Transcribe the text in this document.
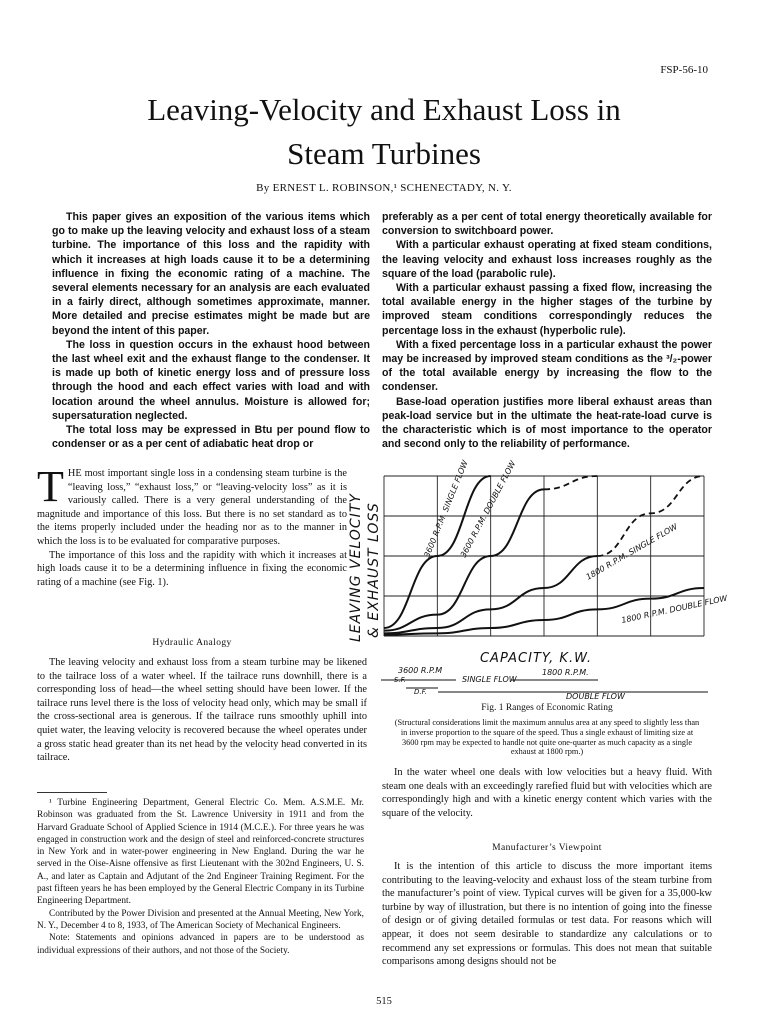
FSP-56-10
Leaving-Velocity and Exhaust Loss in
Steam Turbines
By ERNEST L. ROBINSON,¹ SCHENECTADY, N. Y.

This paper gives an exposition of the various items which go to make up the leaving velocity and exhaust loss of a steam turbine. The importance of this loss and the rapidity with which it increases at high loads cause it to be a determining influence in fixing the economic rating of a machine. The several elements necessary for an analysis are each evaluated in a fairly direct, although sometimes approximate, manner. More detailed and precise estimates might be made but are beyond the intent of this paper.

The loss in question occurs in the exhaust hood between the last wheel exit and the exhaust flange to the condenser. It is made up both of kinetic energy loss and of pressure loss through the hood and each effect varies with load and with location around the wheel annulus. Moisture is allowed for; supersaturation neglected.

The total loss may be expressed in Btu per pound flow to condenser or as a per cent of adiabatic heat drop or

preferably as a per cent of total energy theoretically available for conversion to switchboard power.

With a particular exhaust operating at fixed steam conditions, the leaving velocity and exhaust loss increases roughly as the square of the load (parabolic rule).

With a particular exhaust passing a fixed flow, increasing the total available energy in the higher stages of the turbine by improved steam conditions correspondingly reduces the percentage loss in the exhaust (hyperbolic rule).

With a fixed percentage loss in a particular exhaust the power may be increased by improved steam conditions as the ³/₂-power of the total available energy by increasing the flow to the condenser.

Base-load operation justifies more liberal exhaust areas than peak-load service but in the ultimate the heat-rate-load curve is the characteristic which is of most importance to the operator and second only to the reliability of performance.

THE most important single loss in a condensing steam turbine is the “leaving loss,” “exhaust loss,” or “leaving-velocity loss” as it is variously called. There is a very general understanding of the magnitude and importance of this loss. But there is no set standard as to the items properly included under the heading nor as to the manner in which the loss is to be evaluated for comparative purposes.

The importance of this loss and the rapidity with which it increases at high loads cause it to be a determining influence in fixing the economic rating of a machine (see Fig. 1).

Hydraulic Analogy

The leaving velocity and exhaust loss from a steam turbine may be likened to the tailrace loss of a water wheel. If the tailrace runs downhill, there is a corresponding loss of head—the wheel setting should have been lower. If the tailrace runs level there is the loss of velocity head only, which may be small if the cross-sectional area is generous. If the tailrace runs smoothly uphill into quiet water, the leaving velocity is recovered because the wheel operates under a gross static head greater than its net head by the velocity head converted in its tailrace.

¹ Turbine Engineering Department, General Electric Co. Mem. A.S.M.E. Mr. Robinson was graduated from the St. Lawrence University in 1911 and from the Harvard Graduate School of Applied Science in 1914 (M.C.E.). For three years he was engaged in construction work and the design of steel and reinforced-concrete structures in New York and in water-power engineering in New England. During the war he served in the Oise-Aisne offensive as first Lieutenant with the 302nd Engineers, U. S. A., and later as Captain and Adjutant of the 2nd Engineer Training Regiment. For the past fifteen years he has been employed by the General Electric Company in its Turbine Engineering Department.

Contributed by the Power Division and presented at the Annual Meeting, New York, N. Y., December 4 to 8, 1933, of The American Society of Mechanical Engineers.

Note: Statements and opinions advanced in papers are to be understood as individual expressions of their authors, and not those of the Society.

LEAVING VELOCITY & EXHAUST LOSS	3600 R.P.M. SINGLE FLOW
3600 R.P.M. DOUBLE FLOW	1800 R.P.M. SINGLE FLOW
1800 R.P.M. DOUBLE FLOW
CAPACITY, K.W.
3600 R.P.M
S.F.	SINGLE FLOW
1800 R.P.M.
D.F.	DOUBLE FLOW
Fig. 1 Ranges of Economic Rating
(Structural considerations limit the maximum annulus area at any speed to slightly less than in inverse proportion to the square of the speed. Thus a single exhaust of limiting size at 3600 rpm may be expected to handle not quite one-quarter as much capacity as a single exhaust at 1800 rpm.)

In the water wheel one deals with low velocities but a heavy fluid. With steam one deals with an exceedingly rarefied fluid but with velocities which are correspondingly high and with a kinetic energy content which varies with the square of the velocity.

Manufacturer’s Viewpoint

It is the intention of this article to discuss the more important items contributing to the leaving-velocity and exhaust loss of the steam turbine from the manufacturer’s point of view. Typical curves will be given for a 35,000-kw turbine by way of illustration, but there is no intention of going into the finesse of design or of giving detailed formulas or test data. For reasons which will appear, it does not seem desirable to standardize any calculations or to recommend any set expressions or formulas. This does not mean that suitable comparisons among designs should not be

515
